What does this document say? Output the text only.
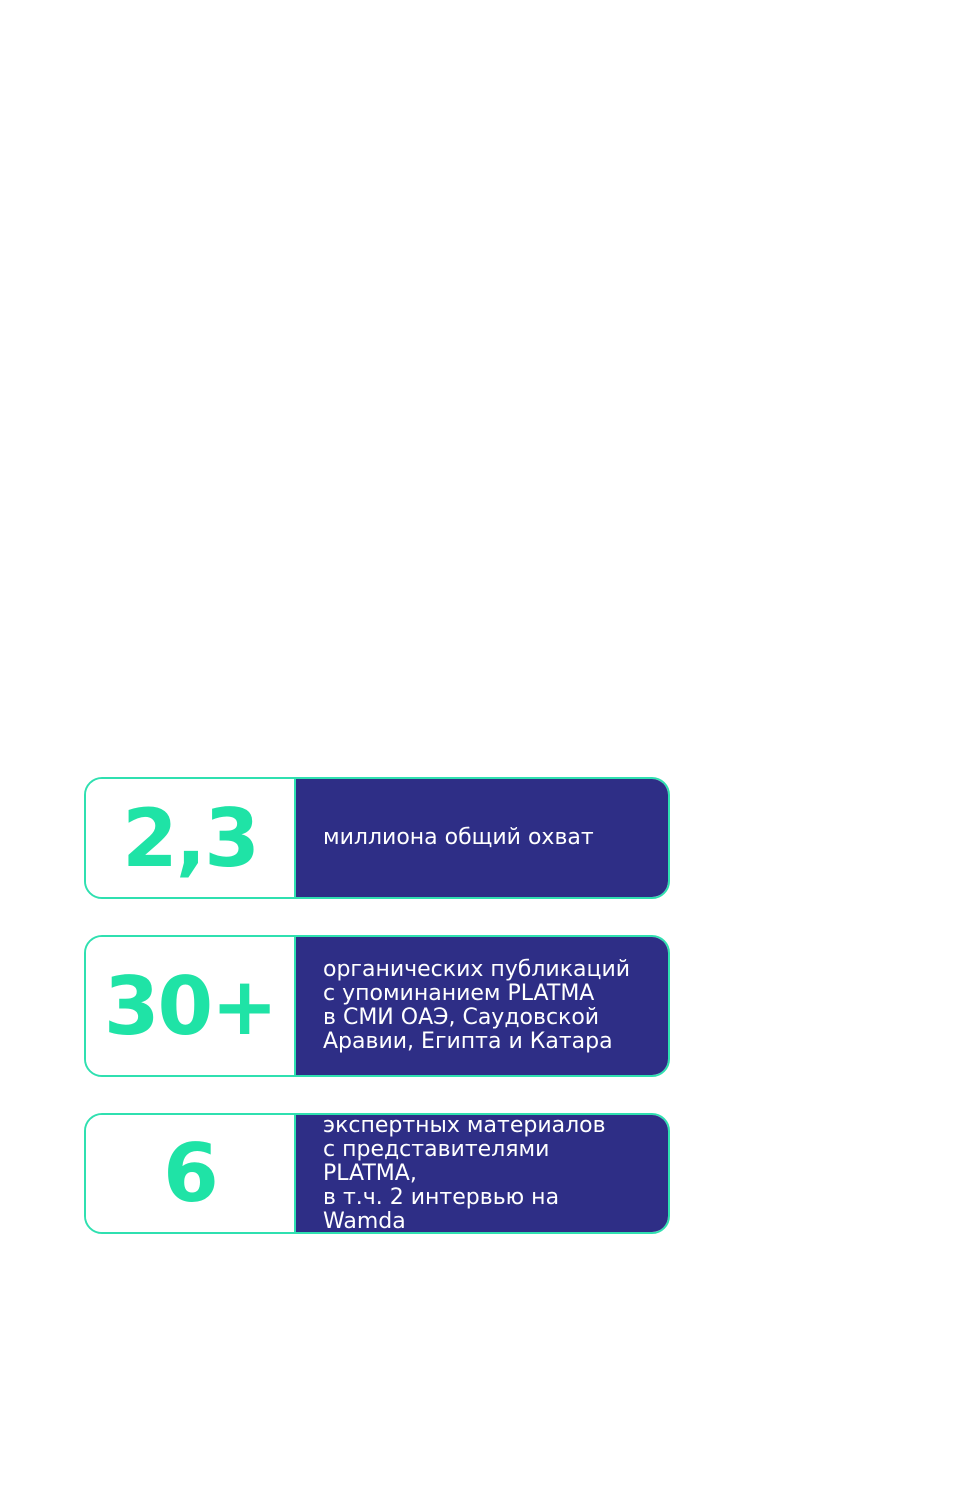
2,3	миллиона общий охват
30+	органических публикаций
с упоминанием PLATMA
в СМИ ОАЭ, Саудовской
Аравии, Египта и Катара
6
экспертных материалов
с представителями PLATMA,
в т.ч. 2 интервью на Wamda
